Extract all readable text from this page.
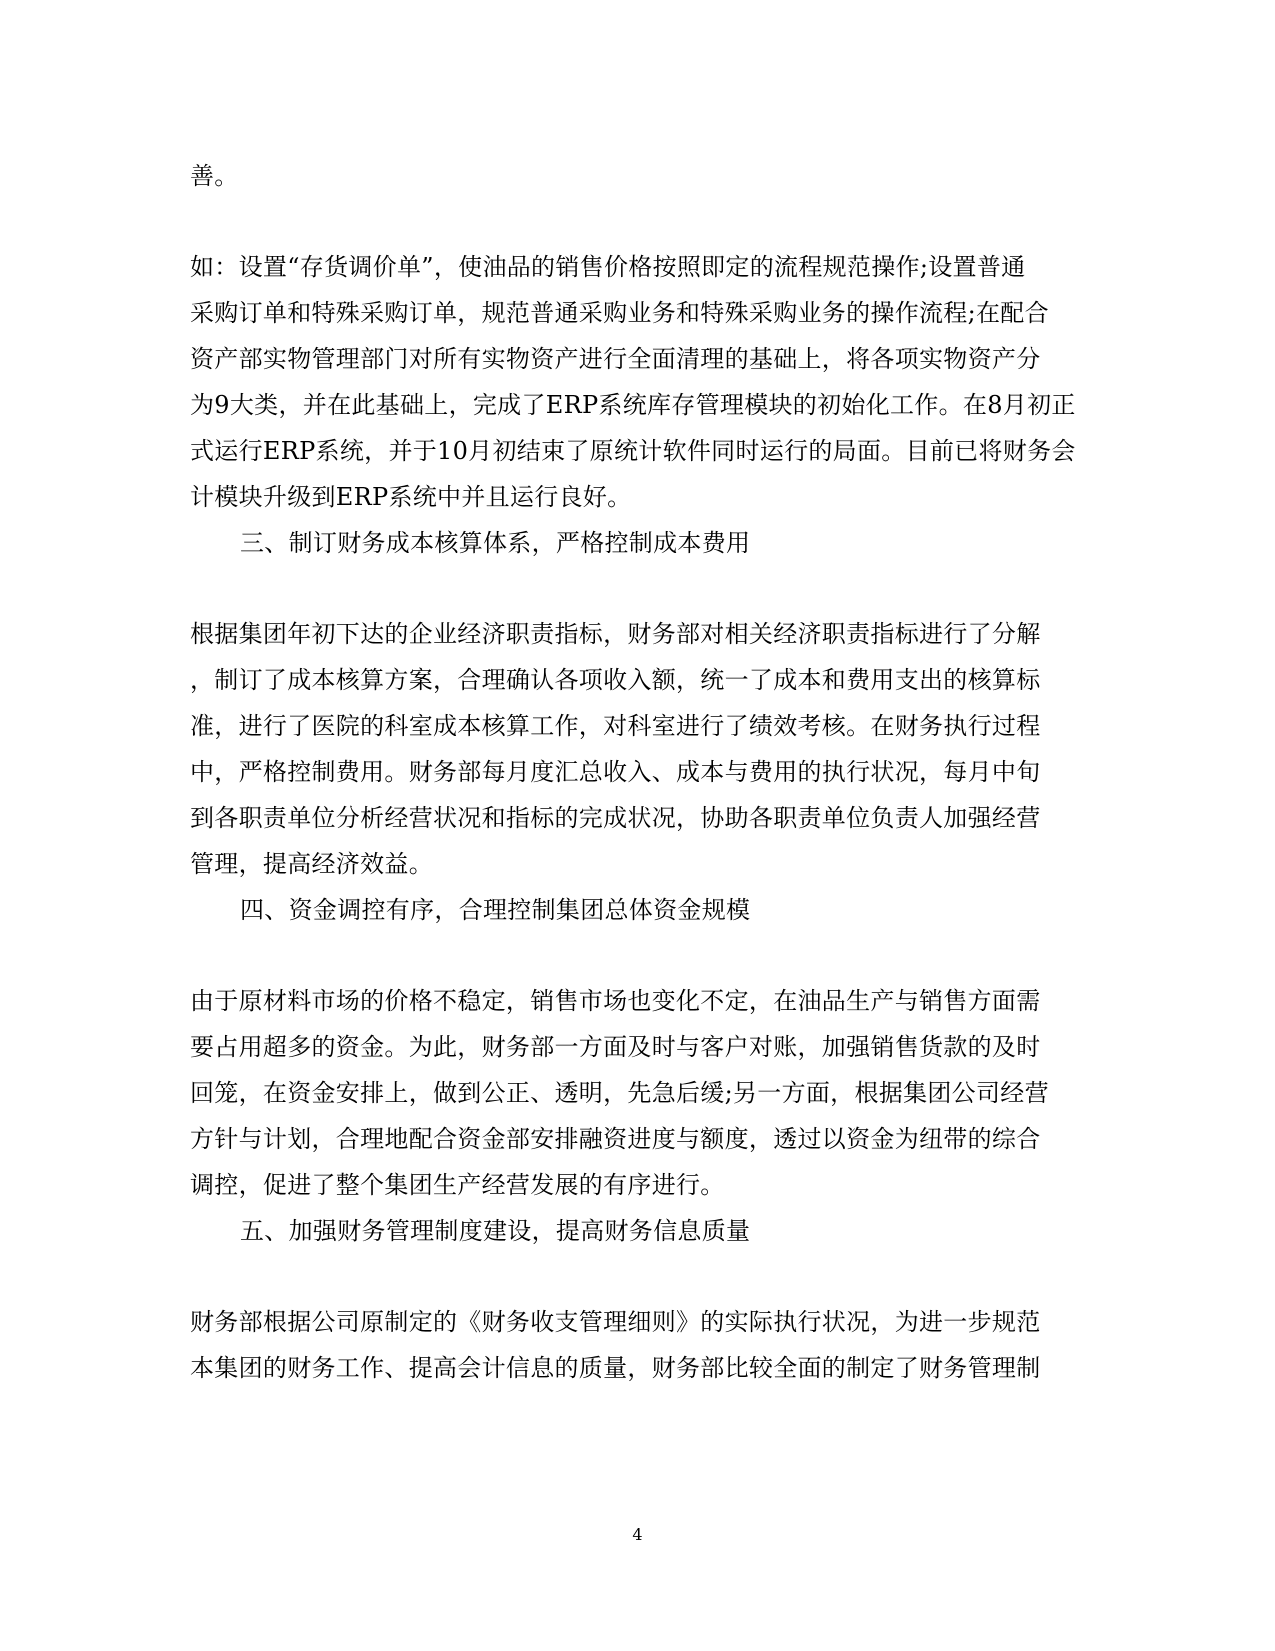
善。
如：设置“存货调价单”，使油品的销售价格按照即定的流程规范操作;设置普通
采购订单和特殊采购订单，规范普通采购业务和特殊采购业务的操作流程;在配合
资产部实物管理部门对所有实物资产进行全面清理的基础上，将各项实物资产分
为9大类，并在此基础上，完成了ERP系统库存管理模块的初始化工作。在8月初正
式运行ERP系统，并于10月初结束了原统计软件同时运行的局面。目前已将财务会
计模块升级到ERP系统中并且运行良好。
三、制订财务成本核算体系，严格控制成本费用
根据集团年初下达的企业经济职责指标，财务部对相关经济职责指标进行了分解
，制订了成本核算方案，合理确认各项收入额，统一了成本和费用支出的核算标
准，进行了医院的科室成本核算工作，对科室进行了绩效考核。在财务执行过程
中，严格控制费用。财务部每月度汇总收入、成本与费用的执行状况，每月中旬
到各职责单位分析经营状况和指标的完成状况，协助各职责单位负责人加强经营
管理，提高经济效益。
四、资金调控有序，合理控制集团总体资金规模
由于原材料市场的价格不稳定，销售市场也变化不定，在油品生产与销售方面需
要占用超多的资金。为此，财务部一方面及时与客户对账，加强销售货款的及时
回笼，在资金安排上，做到公正、透明，先急后缓;另一方面，根据集团公司经营
方针与计划，合理地配合资金部安排融资进度与额度，透过以资金为纽带的综合
调控，促进了整个集团生产经营发展的有序进行。
五、加强财务管理制度建设，提高财务信息质量
财务部根据公司原制定的《财务收支管理细则》的实际执行状况，为进一步规范
本集团的财务工作、提高会计信息的质量，财务部比较全面的制定了财务管理制
4
